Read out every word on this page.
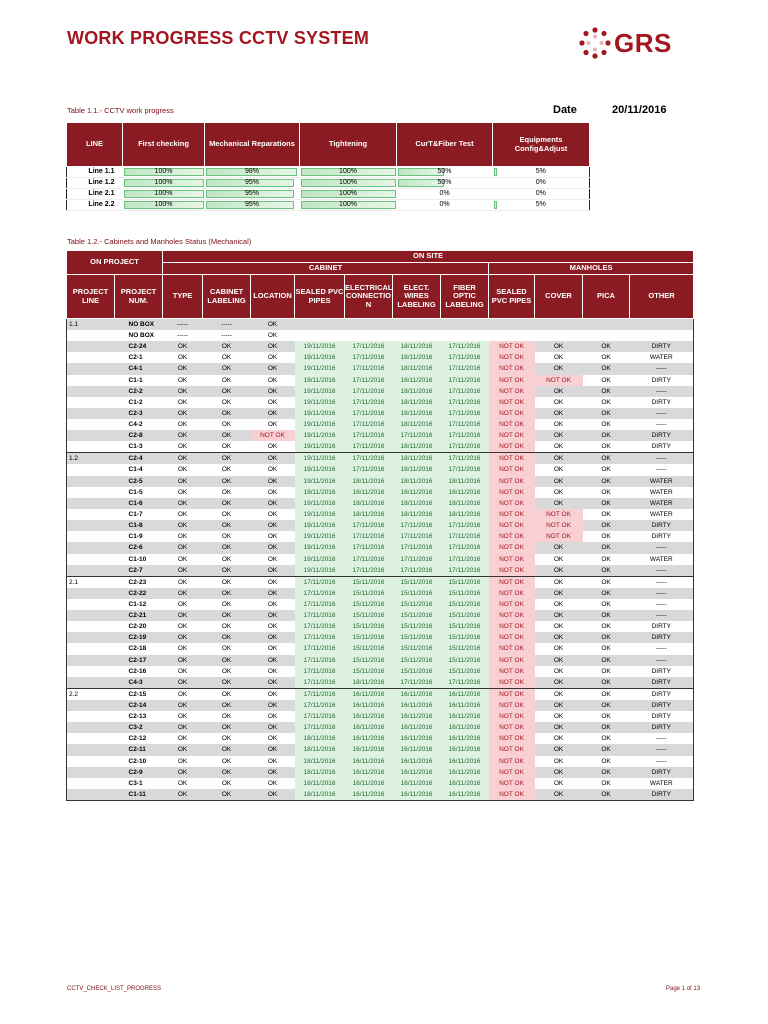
WORK PROGRESS CCTV SYSTEM	GRS
Table 1.1.- CCTV work progress	Date	20/11/2016
LINE	First checking	Mechanical Reparations	Tightening	CurT&Fiber Test	Equipments Config&Adjust
Line 1.1	100%	98%	100%	50%	5%
Line 1.2	100%	95%	100%	50%	0%
Line 2.1	100%	95%	100%	0%	0%
Line 2.2	100%	95%	100%	0%	5%
Table 1.2.- Cabinets and Manholes Status (Mechanical)
ON PROJECT		ON SITE										
		CABINET							MANHOLES			
PROJECT LINE	PROJECT NUM.	TYPE	CABINET LABELING	LOCATION	SEALED PVC PIPES	ELECTRICAL CONNECTIO N	ELECT. WIRES LABELING	FIBER OPTIC LABELING	SEALED PVC PIPES	COVER	PICA	OTHER
1.1	NO BOX	-----	-----	OK								
	NO BOX	-----	-----	OK								
	C2-24	OK	OK	OK	19/11/2016	17/11/2016	18/11/2016	17/11/2016	NOT OK	OK	OK	DIRTY
	C2-1	OK	OK	OK	19/11/2016	17/11/2016	18/11/2016	17/11/2016	NOT OK	OK	OK	WATER
	C4-1	OK	OK	OK	19/11/2016	17/11/2016	18/11/2016	17/11/2016	NOT OK	OK	OK	-----
	C1-1	OK	OK	OK	19/11/2016	17/11/2016	18/11/2016	17/11/2016	NOT OK	NOT OK	OK	DIRTY
	C2-2	OK	OK	OK	19/11/2016	17/11/2016	18/11/2016	17/11/2016	NOT OK	OK	OK	-----
	C1-2	OK	OK	OK	19/11/2016	17/11/2016	18/11/2016	17/11/2016	NOT OK	OK	OK	DIRTY
	C2-3	OK	OK	OK	19/11/2016	17/11/2016	18/11/2016	17/11/2016	NOT OK	OK	OK	-----
	C4-2	OK	OK	OK	19/11/2016	17/11/2016	18/11/2016	17/11/2016	NOT OK	OK	OK	-----
	C2-8	OK	OK	NOT OK	19/11/2016	17/11/2016	17/11/2016	17/11/2016	NOT OK	OK	OK	DIRTY
	C1-3	OK	OK	OK	19/11/2016	17/11/2016	18/11/2016	17/11/2016	NOT OK	OK	OK	DIRTY
1.2	C2-4	OK	OK	OK	19/11/2016	17/11/2016	18/11/2016	17/11/2016	NOT OK	OK	OK	-----
	C1-4	OK	OK	OK	19/11/2016	17/11/2016	18/11/2016	17/11/2016	NOT OK	OK	OK	-----
	C2-5	OK	OK	OK	19/11/2016	18/11/2016	18/11/2016	18/11/2016	NOT OK	OK	OK	WATER
	C1-5	OK	OK	OK	19/11/2016	18/11/2016	18/11/2016	18/11/2016	NOT OK	OK	OK	WATER
	C1-6	OK	OK	OK	19/11/2016	18/11/2016	18/11/2016	18/11/2016	NOT OK	OK	OK	WATER
	C1-7	OK	OK	OK	19/11/2016	18/11/2016	18/11/2016	18/11/2016	NOT OK	NOT OK	OK	WATER
	C1-8	OK	OK	OK	19/11/2016	17/11/2016	17/11/2016	17/11/2016	NOT OK	NOT OK	OK	DIRTY
	C1-9	OK	OK	OK	19/11/2016	17/11/2016	17/11/2016	17/11/2016	NOT OK	NOT OK	OK	DIRTY
	C2-6	OK	OK	OK	19/11/2016	17/11/2016	17/11/2016	17/11/2016	NOT OK	OK	OK	-----
	C1-10	OK	OK	OK	19/11/2016	17/11/2016	17/11/2016	17/11/2016	NOT OK	OK	OK	WATER
	C2-7	OK	OK	OK	19/11/2016	17/11/2016	17/11/2016	17/11/2016	NOT OK	OK	OK	-----
2.1	C2-23	OK	OK	OK	17/11/2016	15/11/2016	15/11/2016	15/11/2016	NOT OK	OK	OK	-----
	C2-22	OK	OK	OK	17/11/2016	15/11/2016	15/11/2016	15/11/2016	NOT OK	OK	OK	-----
	C1-12	OK	OK	OK	17/11/2016	15/11/2016	15/11/2016	15/11/2016	NOT OK	OK	OK	-----
	C2-21	OK	OK	OK	17/11/2016	15/11/2016	15/11/2016	15/11/2016	NOT OK	OK	OK	-----
	C2-20	OK	OK	OK	17/11/2016	15/11/2016	15/11/2016	15/11/2016	NOT OK	OK	OK	DIRTY
	C2-19	OK	OK	OK	17/11/2016	15/11/2016	15/11/2016	15/11/2016	NOT OK	OK	OK	DIRTY
	C2-18	OK	OK	OK	17/11/2016	15/11/2016	15/11/2016	15/11/2016	NOT OK	OK	OK	-----
	C2-17	OK	OK	OK	17/11/2016	15/11/2016	15/11/2016	15/11/2016	NOT OK	OK	OK	-----
	C2-16	OK	OK	OK	17/11/2016	15/11/2016	15/11/2016	15/11/2016	NOT OK	OK	OK	DIRTY
	C4-3	OK	OK	OK	17/11/2016	18/11/2016	17/11/2016	17/11/2016	NOT OK	OK	OK	DIRTY
2.2	C2-15	OK	OK	OK	17/11/2016	16/11/2016	16/11/2016	16/11/2016	NOT OK	OK	OK	DIRTY
	C2-14	OK	OK	OK	17/11/2016	16/11/2016	16/11/2016	16/11/2016	NOT OK	OK	OK	DIRTY
	C2-13	OK	OK	OK	17/11/2016	16/11/2016	16/11/2016	16/11/2016	NOT OK	OK	OK	DIRTY
	C3-2	OK	OK	OK	17/11/2016	16/11/2016	16/11/2016	16/11/2016	NOT OK	OK	OK	DIRTY
	C2-12	OK	OK	OK	18/11/2016	16/11/2016	16/11/2016	16/11/2016	NOT OK	OK	OK	-----
	C2-11	OK	OK	OK	18/11/2016	16/11/2016	16/11/2016	16/11/2016	NOT OK	OK	OK	-----
	C2-10	OK	OK	OK	18/11/2016	16/11/2016	16/11/2016	16/11/2016	NOT OK	OK	OK	-----
	C2-9	OK	OK	OK	18/11/2016	16/11/2016	16/11/2016	16/11/2016	NOT OK	OK	OK	DIRTY
	C3-1	OK	OK	OK	18/11/2016	16/11/2016	16/11/2016	16/11/2016	NOT OK	OK	OK	WATER
	C1-11	OK	OK	OK	18/11/2016	16/11/2016	16/11/2016	16/11/2016	NOT OK	OK	OK	DIRTY
CCTV_CHECK_LIST_PROGRESS	Page 1 of 13
